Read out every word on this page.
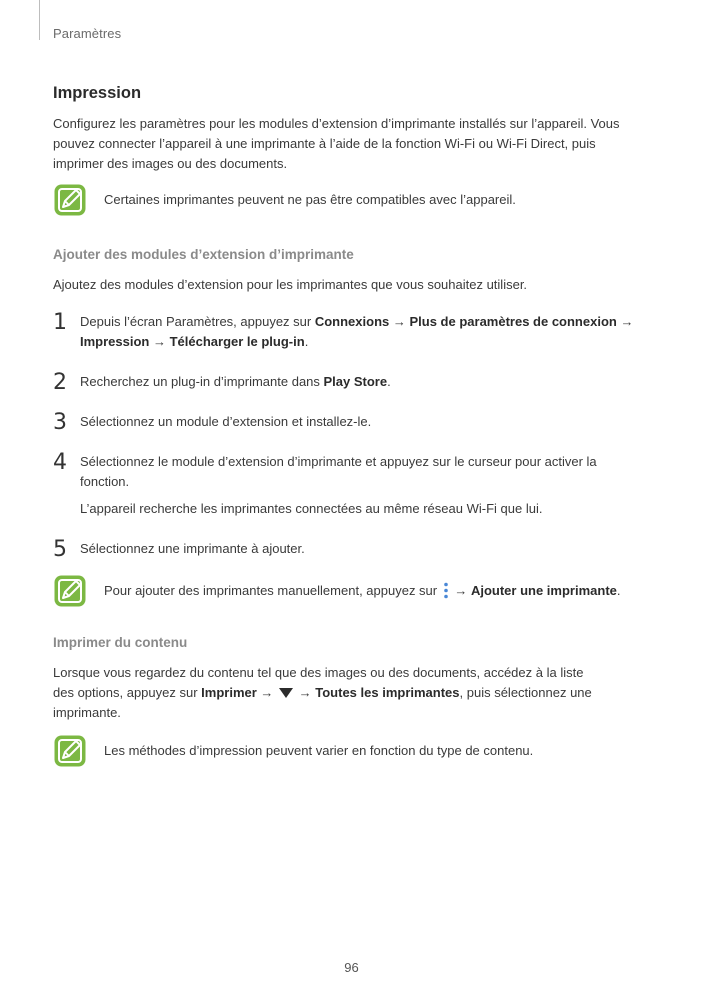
Paramètres
Impression

Configurez les paramètres pour les modules d’extension d’imprimante installés sur l’appareil. Vous pouvez connecter l’appareil à une imprimante à l’aide de la fonction Wi-Fi ou Wi-Fi Direct, puis imprimer des images ou des documents.

Certaines imprimantes peuvent ne pas être compatibles avec l’appareil.
Ajouter des modules d’extension d’imprimante

Ajoutez des modules d’extension pour les imprimantes que vous souhaitez utiliser.

1 Depuis l’écran Paramètres, appuyez sur Connexions → Plus de paramètres de connexion → Impression → Télécharger le plug-in.

2 Recherchez un plug-in d’imprimante dans Play Store.

3 Sélectionnez un module d’extension et installez-le.

4 Sélectionnez le module d’extension d’imprimante et appuyez sur le curseur pour activer la fonction.

L’appareil recherche les imprimantes connectées au même réseau Wi-Fi que lui.

5 Sélectionnez une imprimante à ajouter.

Pour ajouter des imprimantes manuellement, appuyez sur  → Ajouter une imprimante.
Imprimer du contenu

Lorsque vous regardez du contenu tel que des images ou des documents, accédez à la liste

des options, appuyez sur Imprimer →  → Toutes les imprimantes, puis sélectionnez une

imprimante.

Les méthodes d’impression peuvent varier en fonction du type de contenu.
96
